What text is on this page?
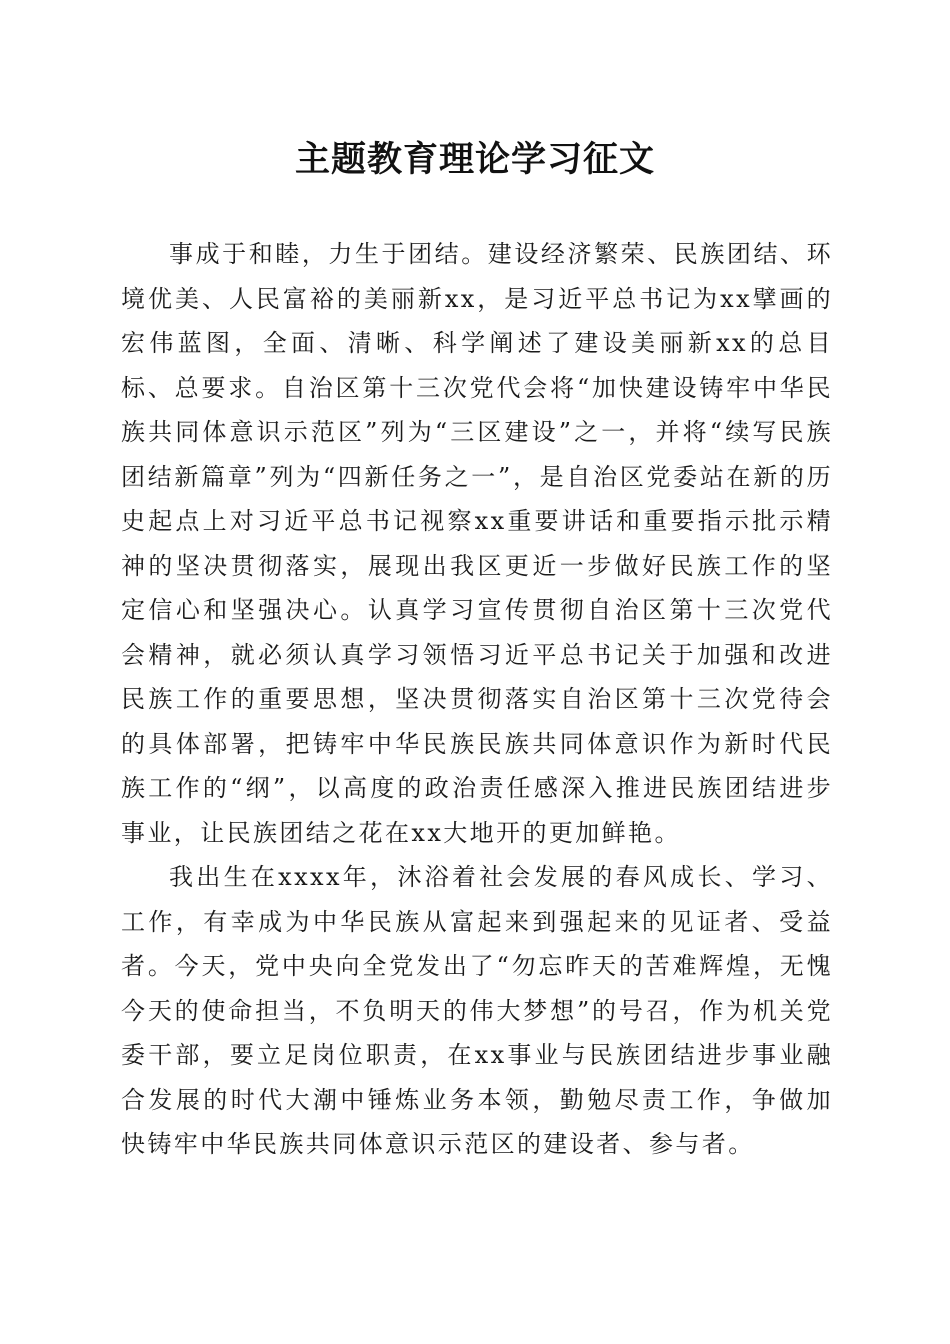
主题教育理论学习征文

事成于和睦，力生于团结。建设经济繁荣、民族团结、环境优美、人民富裕的美丽新xx，是习近平总书记为xx擘画的宏伟蓝图，全面、清晰、科学阐述了建设美丽新xx的总目标、总要求。自治区第十三次党代会将“加快建设铸牢中华民族共同体意识示范区”列为“三区建设”之一，并将“续写民族团结新篇章”列为“四新任务之一”，是自治区党委站在新的历史起点上对习近平总书记视察xx重要讲话和重要指示批示精神的坚决贯彻落实，展现出我区更近一步做好民族工作的坚定信心和坚强决心。认真学习宣传贯彻自治区第十三次党代会精神，就必须认真学习领悟习近平总书记关于加强和改进民族工作的重要思想，坚决贯彻落实自治区第十三次党待会的具体部署，把铸牢中华民族民族共同体意识作为新时代民族工作的“纲”，以高度的政治责任感深入推进民族团结进步事业，让民族团结之花在xx大地开的更加鲜艳。

我出生在xxxx年，沐浴着社会发展的春风成长、学习、工作，有幸成为中华民族从富起来到强起来的见证者、受益者。今天，党中央向全党发出了“勿忘昨天的苦难辉煌，无愧今天的使命担当，不负明天的伟大梦想”的号召，作为机关党委干部，要立足岗位职责，在xx事业与民族团结进步事业融合发展的时代大潮中锤炼业务本领，勤勉尽责工作，争做加快铸牢中华民族共同体意识示范区的建设者、参与者。
